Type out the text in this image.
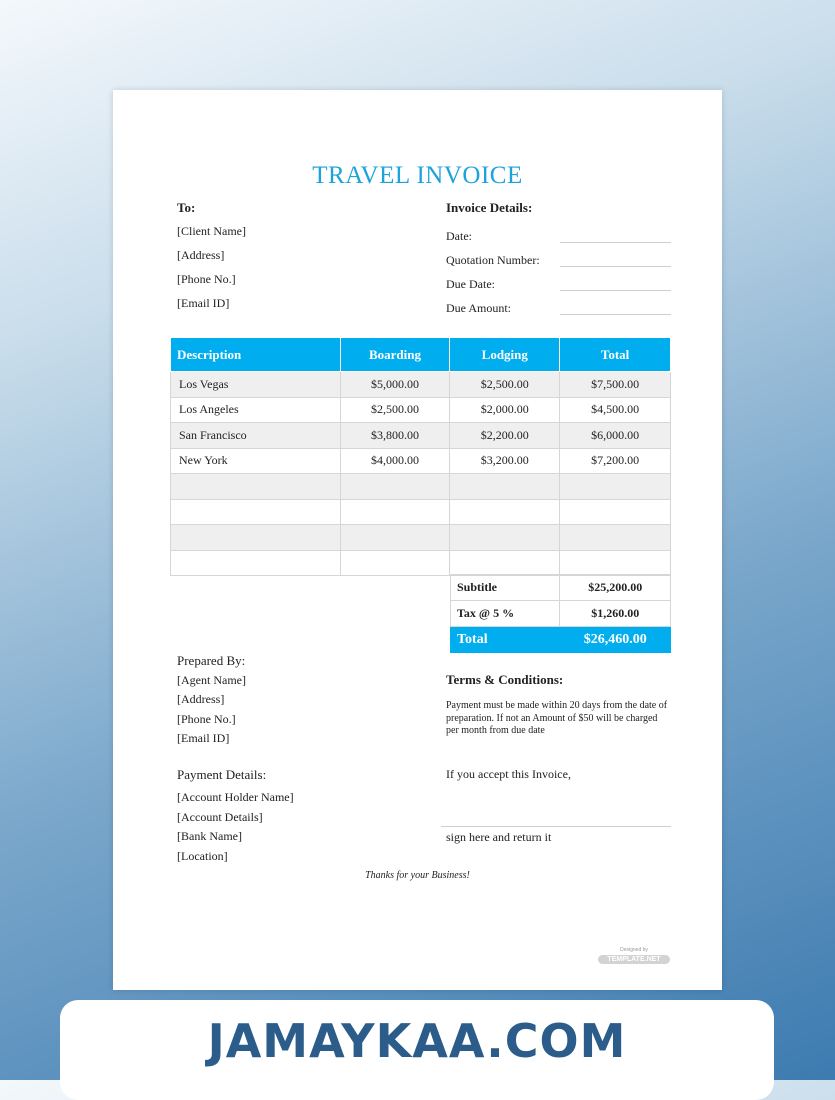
TRAVEL INVOICE
To:
[Client Name]
[Address]
[Phone No.]
[Email ID]
Invoice Details:
Date:
Quotation Number:
Due Date:
Due Amount:
Description	Boarding	Lodging	Total
Los Vegas	$5,000.00	$2,500.00	$7,500.00
Los Angeles	$2,500.00	$2,000.00	$4,500.00
San Francisco	$3,800.00	$2,200.00	$6,000.00
New York	$4,000.00	$3,200.00	$7,200.00

Subtitle	$25,200.00
Tax @ 5 %	$1,260.00
Total	$26,460.00
Prepared By:
[Agent Name]
[Address]
[Phone No.]
[Email ID]
Payment Details:
[Account Holder Name]
[Account Details]
[Bank Name]
[Location]
Terms & Conditions:
Payment must be made within 20 days from the date of preparation. If not an Amount of $50 will be charged per month from due date
If you accept this Invoice,
sign here and return it
Thanks for your Business!
Designed by
TEMPLATE.NET
JAMAYKAA.COM
